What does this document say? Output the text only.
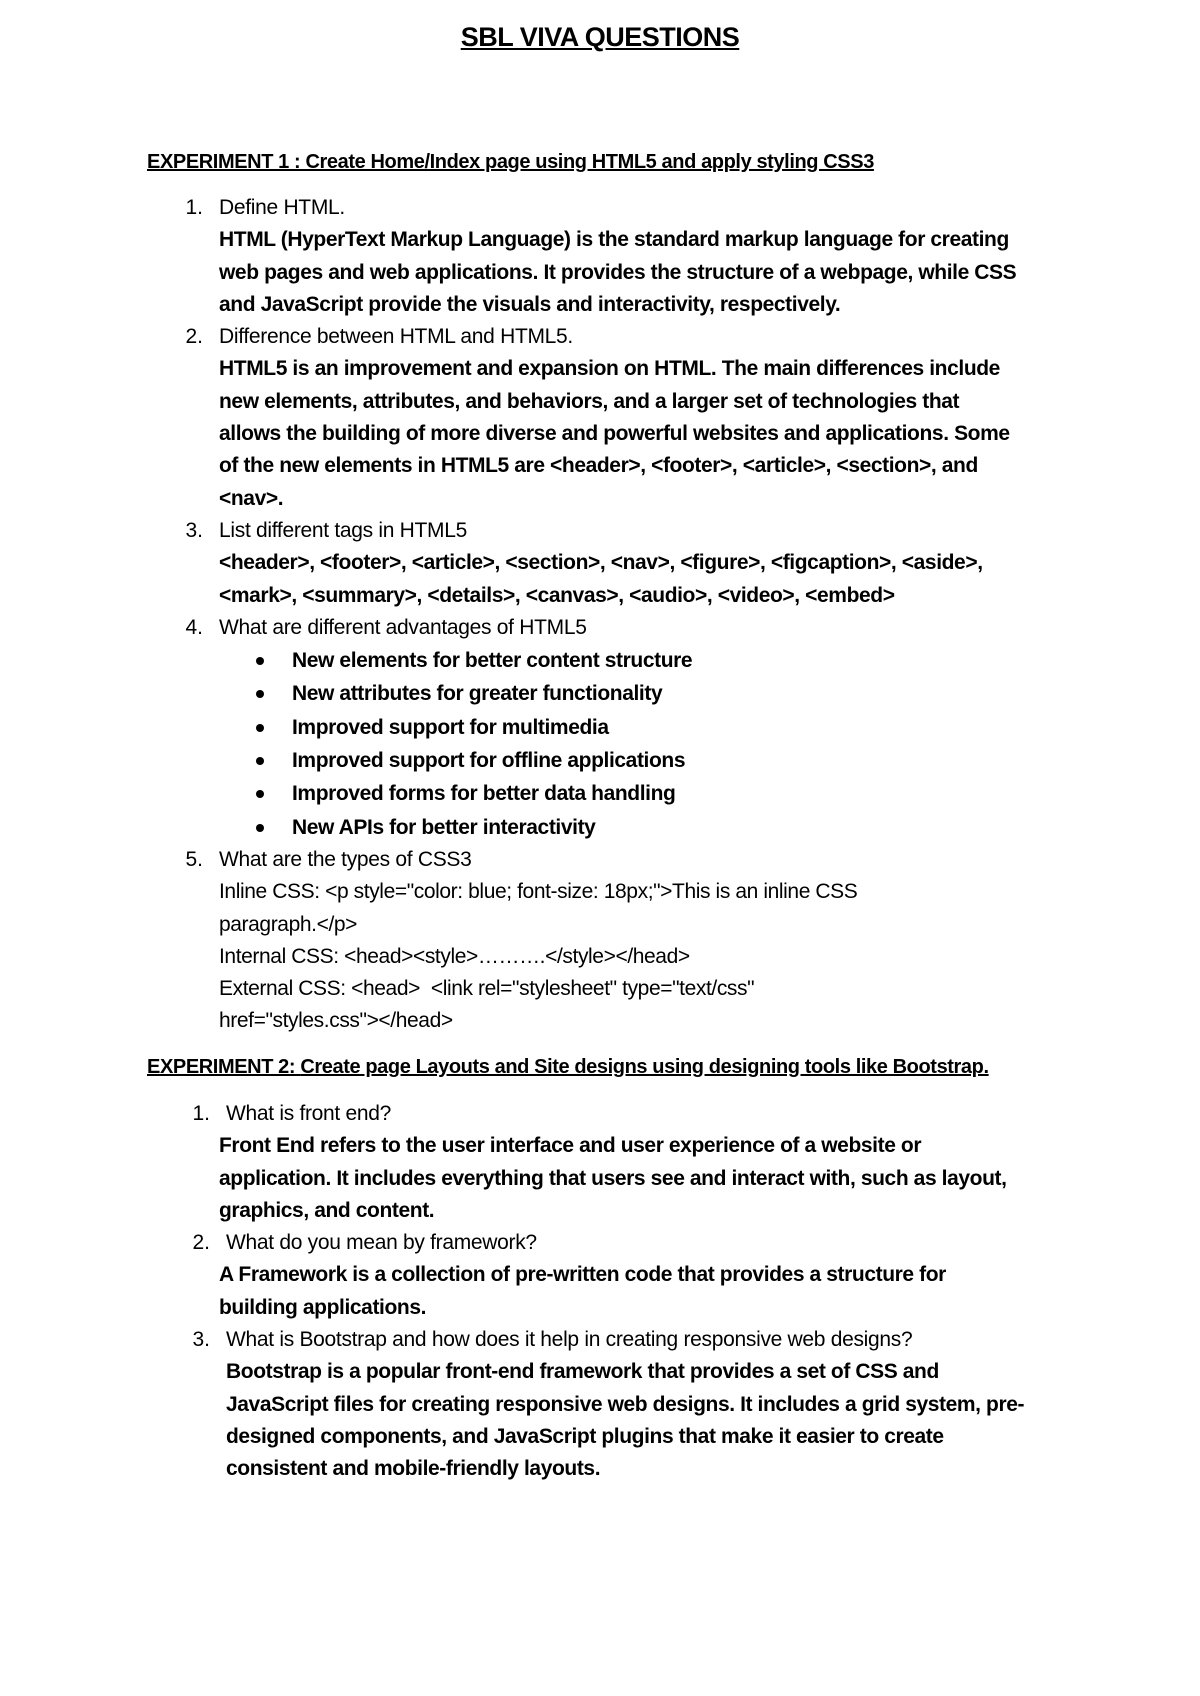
SBL VIVA QUESTIONS
EXPERIMENT 1 : Create Home/Index page using HTML5 and apply styling CSS3
1. Define HTML.
HTML (HyperText Markup Language) is the standard markup language for creating
web pages and web applications. It provides the structure of a webpage, while CSS
and JavaScript provide the visuals and interactivity, respectively.
2. Difference between HTML and HTML5.
HTML5 is an improvement and expansion on HTML. The main differences include
new elements, attributes, and behaviors, and a larger set of technologies that
allows the building of more diverse and powerful websites and applications. Some
of the new elements in HTML5 are <header>, <footer>, <article>, <section>, and
<nav>.
3. List different tags in HTML5
<header>, <footer>, <article>, <section>, <nav>, <figure>, <figcaption>, <aside>,
<mark>, <summary>, <details>, <canvas>, <audio>, <video>, <embed>
4. What are different advantages of HTML5
New elements for better content structure
New attributes for greater functionality
Improved support for multimedia
Improved support for offline applications
Improved forms for better data handling
New APIs for better interactivity
5. What are the types of CSS3
Inline CSS: <p style="color: blue; font-size: 18px;">This is an inline CSS
paragraph.</p>
Internal CSS: <head><style>……….</style></head>
External CSS: <head>  <link rel="stylesheet" type="text/css"
href="styles.css"></head>
EXPERIMENT 2: Create page Layouts and Site designs using designing tools like Bootstrap.
1. What is front end?
Front End refers to the user interface and user experience of a website or
application. It includes everything that users see and interact with, such as layout,
graphics, and content.
2. What do you mean by framework?
A Framework is a collection of pre-written code that provides a structure for
building applications.
3. What is Bootstrap and how does it help in creating responsive web designs?
Bootstrap is a popular front-end framework that provides a set of CSS and
JavaScript files for creating responsive web designs. It includes a grid system, pre-
designed components, and JavaScript plugins that make it easier to create
consistent and mobile-friendly layouts.
